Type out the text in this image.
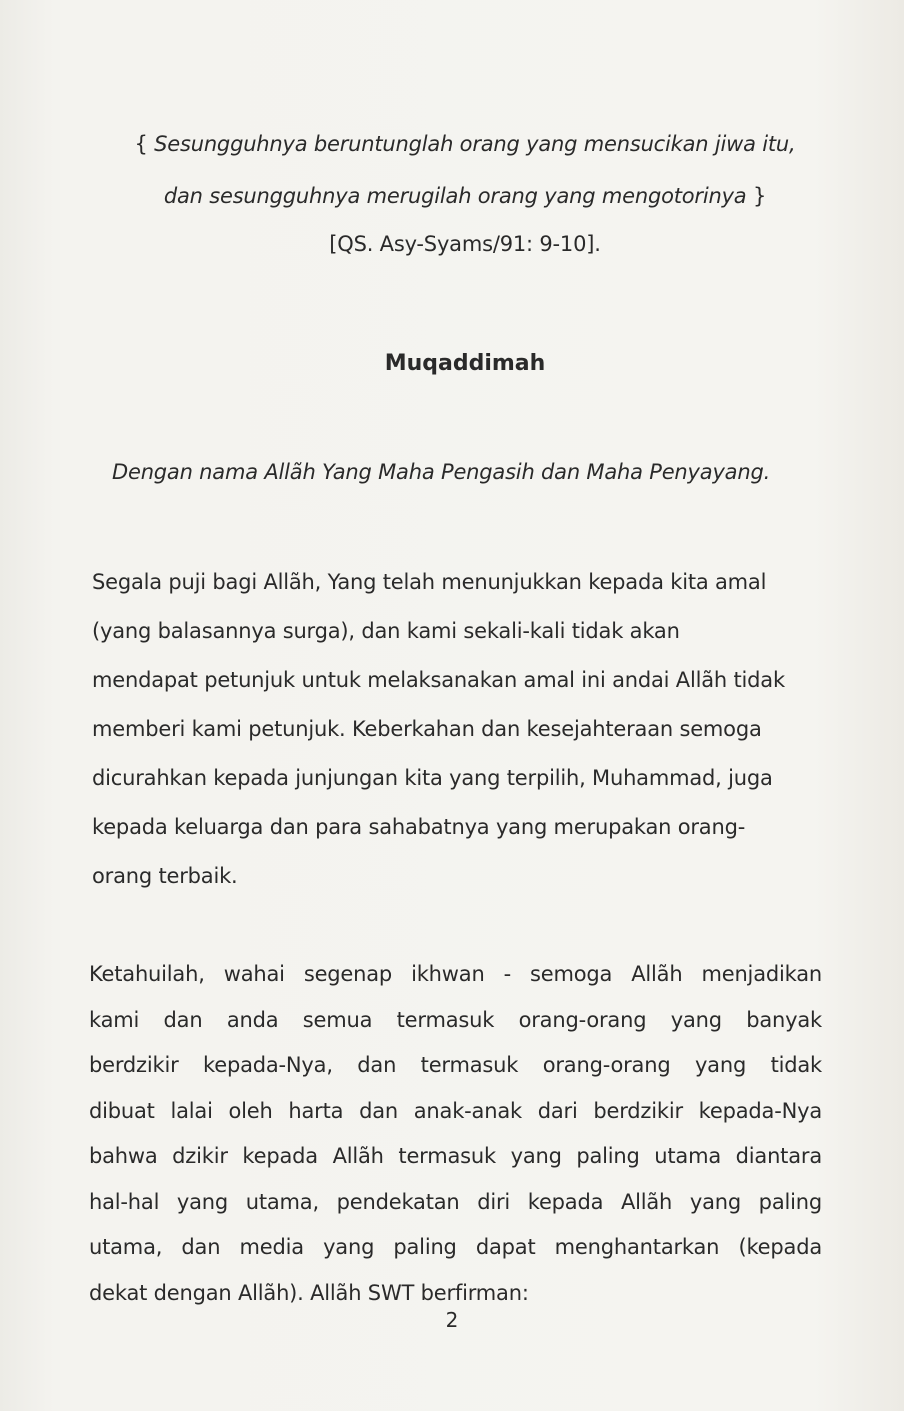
{ Sesungguhnya beruntunglah orang yang mensucikan jiwa itu,
dan sesungguhnya merugilah orang yang mengotorinya }
[QS. Asy-Syams/91: 9-10].
Muqaddimah
Dengan nama Allãh Yang Maha Pengasih dan Maha Penyayang.
Segala puji bagi Allãh, Yang telah menunjukkan kepada kita amal
(yang balasannya surga), dan kami sekali-kali tidak akan
mendapat petunjuk untuk melaksanakan amal ini andai Allãh tidak
memberi kami petunjuk. Keberkahan dan kesejahteraan semoga
dicurahkan kepada junjungan kita yang terpilih, Muhammad, juga
kepada keluarga dan para sahabatnya yang merupakan orang-
orang terbaik.
Ketahuilah, wahai segenap ikhwan - semoga Allãh menjadikan
kami dan anda semua termasuk orang-orang yang banyak
berdzikir kepada-Nya, dan termasuk orang-orang yang tidak
dibuat lalai oleh harta dan anak-anak dari berdzikir kepada-Nya
bahwa dzikir kepada Allãh termasuk yang paling utama diantara
hal-hal yang utama, pendekatan diri kepada Allãh yang paling
utama, dan media yang paling dapat menghantarkan (kepada
dekat dengan Allãh). Allãh SWT berfirman:
2
